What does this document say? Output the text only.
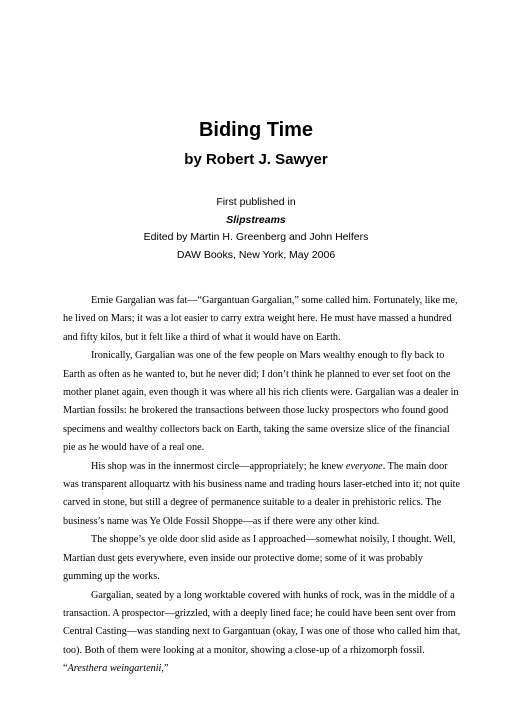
Biding Time
by Robert J. Sawyer
First published in
Slipstreams
Edited by Martin H. Greenberg and John Helfers
DAW Books, New York, May 2006

Ernie Gargalian was fat—“Gargantuan Gargalian,” some called him. Fortunately, like me, he lived on Mars; it was a lot easier to carry extra weight here. He must have massed a hundred and fifty kilos, but it felt like a third of what it would have on Earth.

Ironically, Gargalian was one of the few people on Mars wealthy enough to fly back to Earth as often as he wanted to, but he never did; I don’t think he planned to ever set foot on the mother planet again, even though it was where all his rich clients were. Gargalian was a dealer in Martian fossils: he brokered the transactions between those lucky prospectors who found good specimens and wealthy collectors back on Earth, taking the same oversize slice of the financial pie as he would have of a real one.

His shop was in the innermost circle—appropriately; he knew everyone. The main door was transparent alloquartz with his business name and trading hours laser-etched into it; not quite carved in stone, but still a degree of permanence suitable to a dealer in prehistoric relics. The business’s name was Ye Olde Fossil Shoppe—as if there were any other kind.

The shoppe’s ye olde door slid aside as I approached—somewhat noisily, I thought. Well, Martian dust gets everywhere, even inside our protective dome; some of it was probably gumming up the works.

Gargalian, seated by a long worktable covered with hunks of rock, was in the middle of a transaction. A prospector—grizzled, with a deeply lined face; he could have been sent over from Central Casting—was standing next to Gargantuan (okay, I was one of those who called him that, too). Both of them were looking at a monitor, showing a close-up of a rhizomorph fossil. “Aresthera weingartenii,”
